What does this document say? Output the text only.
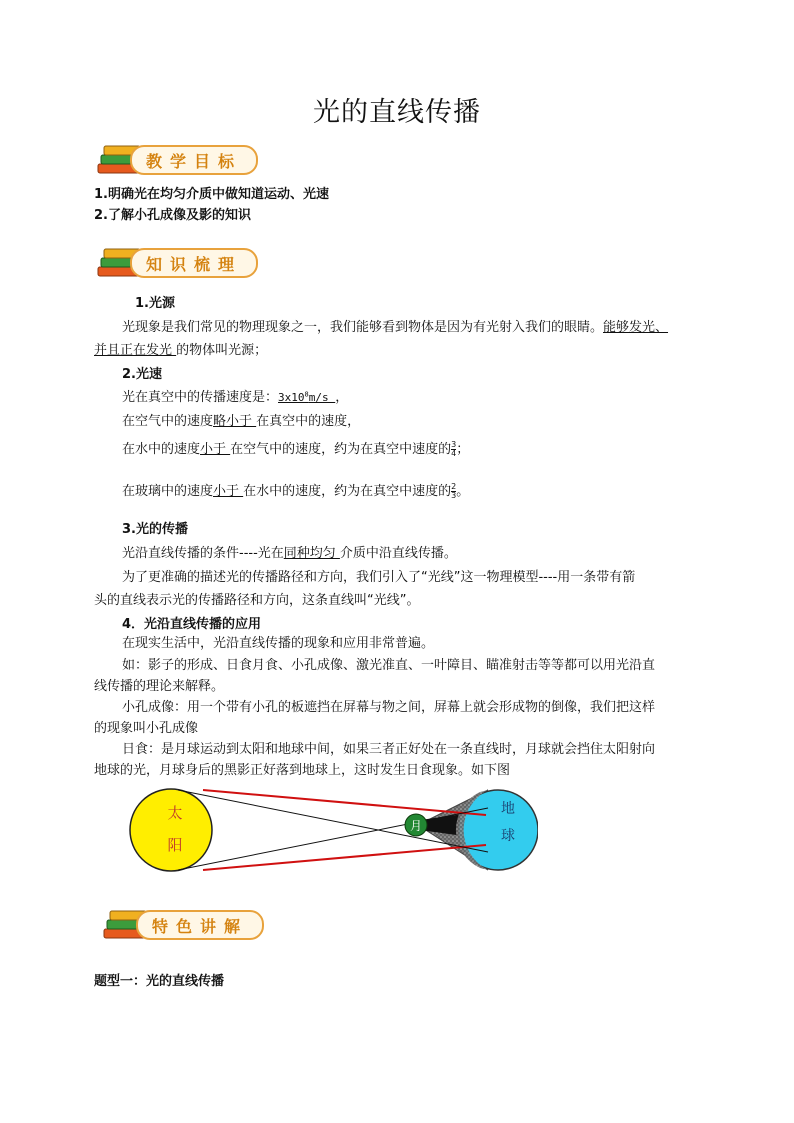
光的直线传播
教学目标
1.明确光在均匀介质中做知道运动、光速
2.了解小孔成像及影的知识
知识梳理
1.光源
光现象是我们常见的物理现象之一，我们能够看到物体是因为有光射入我们的眼睛。能够发光、
并且正在发光 的物体叫光源；
2.光速
光在真空中的传播速度是：$3x10^8m/s$ ，
在空气中的速度略小于 在真空中的速度，
在水中的速度小于 在空气中的速度，约为在真空中速度的 $\frac{3}{4}$ ；
在玻璃中的速度小于 在水中的速度，约为在真空中速度的 $\frac{2}{3}$ 。
3.光的传播
光沿直线传播的条件----光在同种均匀 介质中沿直线传播。
为了更准确的描述光的传播路径和方向，我们引入了“光线”这一物理模型----用一条带有箭
头的直线表示光的传播路径和方向，这条直线叫“光线”。
4．光沿直线传播的应用
在现实生活中，光沿直线传播的现象和应用非常普遍。
如：影子的形成、日食月食、小孔成像、激光准直、一叶障目、瞄准射击等等都可以用光沿直
线传播的理论来解释。
小孔成像：用一个带有小孔的板遮挡在屏幕与物之间，屏幕上就会形成物的倒像，我们把这样
的现象叫小孔成像
日食：是月球运动到太阳和地球中间，如果三者正好处在一条直线时，月球就会挡住太阳射向
地球的光，月球身后的黑影正好落到地球上，这时发生日食现象。如下图
月
太
阳
地
球
特色讲解
题型一：光的直线传播
